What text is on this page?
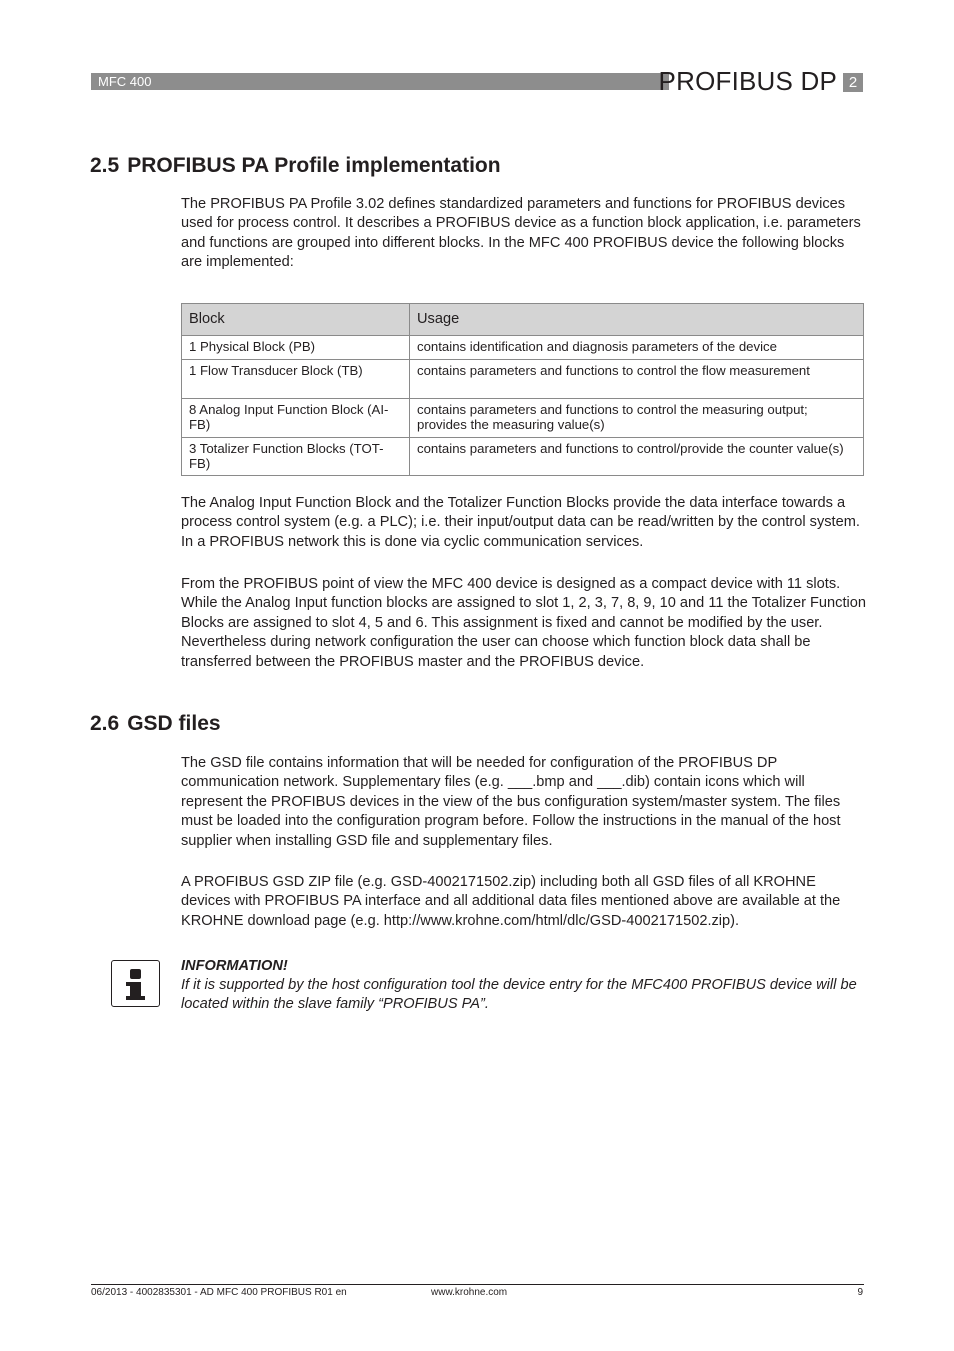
MFC 400	PROFIBUS DP 2
2.5 PROFIBUS PA Profile implementation

The PROFIBUS PA Profile 3.02 defines standardized parameters and functions for PROFIBUS devices used for process control. It describes a PROFIBUS device as a function block application, i.e. parameters and functions are grouped into different blocks. In the MFC 400 PROFIBUS device the following blocks are implemented:

Block	Usage
1 Physical Block (PB)	contains identification and diagnosis parameters of the device
1 Flow Transducer Block (TB)	contains parameters and functions to control the flow measurement
8 Analog Input Function Block (AI-FB)	contains parameters and functions to control the measuring output; provides the measuring value(s)
3 Totalizer Function Blocks (TOT-FB)	contains parameters and functions to control/provide the counter value(s)

The Analog Input Function Block and the Totalizer Function Blocks provide the data interface towards a process control system (e.g. a PLC); i.e. their input/output data can be read/written by the control system. In a PROFIBUS network this is done via cyclic communication services.

From the PROFIBUS point of view the MFC 400 device is designed as a compact device with 11 slots. While the Analog Input function blocks are assigned to slot 1, 2, 3, 7, 8, 9, 10 and 11 the Totalizer Function Blocks are assigned to slot 4, 5 and 6. This assignment is fixed and cannot be modified by the user. Nevertheless during network configuration the user can choose which function block data shall be transferred between the PROFIBUS master and the PROFIBUS device.

2.6 GSD files

The GSD file contains information that will be needed for configuration of the PROFIBUS DP communication network. Supplementary files (e.g. ___.bmp and ___.dib) contain icons which will represent the PROFIBUS devices in the view of the bus configuration system/master system. The files must be loaded into the configuration program before. Follow the instructions in the manual of the host supplier when installing GSD file and supplementary files.

A PROFIBUS GSD ZIP file (e.g. GSD-4002171502.zip) including both all GSD files of all KROHNE devices with PROFIBUS PA interface and all additional data files mentioned above are available at the KROHNE download page (e.g. http://www.krohne.com/html/dlc/GSD-4002171502.zip).

INFORMATION!
If it is supported by the host configuration tool the device entry for the MFC400 PROFIBUS device will be located within the slave family “PROFIBUS PA”.
06/2013 - 4002835301 - AD MFC 400 PROFIBUS R01 en	www.krohne.com	9
